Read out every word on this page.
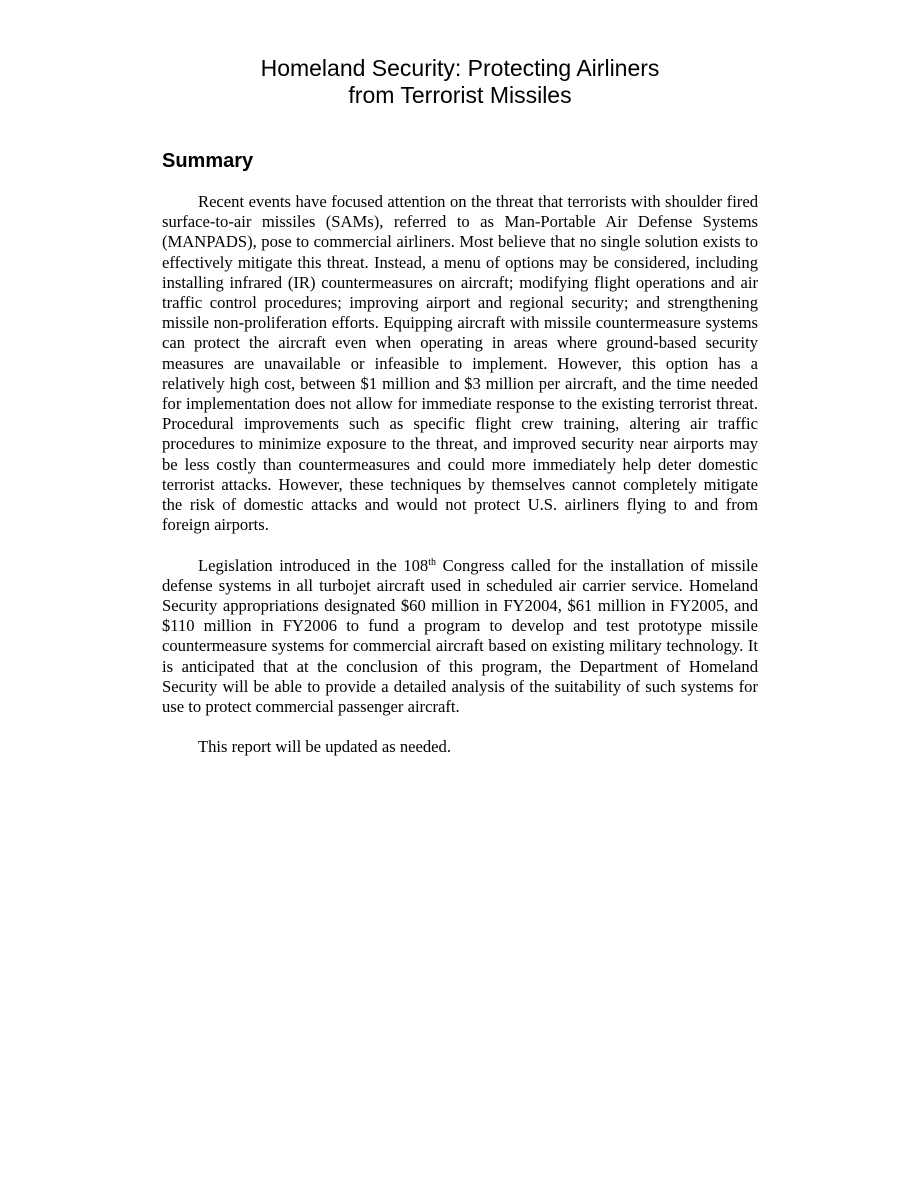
Homeland Security: Protecting Airliners
from Terrorist Missiles
Summary

Recent events have focused attention on the threat that terrorists with shoulder fired surface-to-air missiles (SAMs), referred to as Man-Portable Air Defense Systems (MANPADS), pose to commercial airliners. Most believe that no single solution exists to effectively mitigate this threat. Instead, a menu of options may be considered, including installing infrared (IR) countermeasures on aircraft; modifying flight operations and air traffic control procedures; improving airport and regional security; and strengthening missile non-proliferation efforts. Equipping aircraft with missile countermeasure systems can protect the aircraft even when operating in areas where ground-based security measures are unavailable or infeasible to implement. However, this option has a relatively high cost, between $1 million and $3 million per aircraft, and the time needed for implementation does not allow for immediate response to the existing terrorist threat. Procedural improvements such as specific flight crew training, altering air traffic procedures to minimize exposure to the threat, and improved security near airports may be less costly than countermeasures and could more immediately help deter domestic terrorist attacks. However, these techniques by themselves cannot completely mitigate the risk of domestic attacks and would not protect U.S. airliners flying to and from foreign airports.

Legislation introduced in the 108th Congress called for the installation of missile defense systems in all turbojet aircraft used in scheduled air carrier service. Homeland Security appropriations designated $60 million in FY2004, $61 million in FY2005, and $110 million in FY2006 to fund a program to develop and test prototype missile countermeasure systems for commercial aircraft based on existing military technology. It is anticipated that at the conclusion of this program, the Department of Homeland Security will be able to provide a detailed analysis of the suitability of such systems for use to protect commercial passenger aircraft.

This report will be updated as needed.
